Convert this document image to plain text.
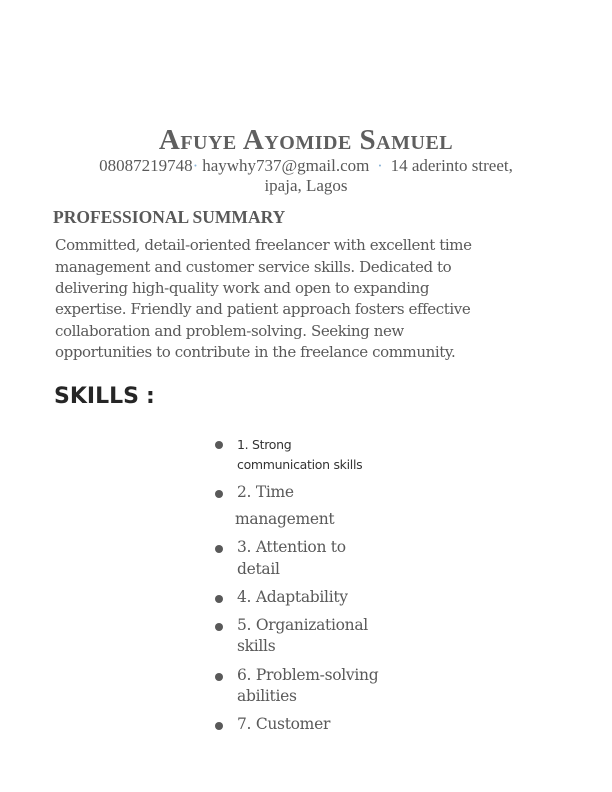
Afuye Ayomide Samuel
08087219748· haywhy737@gmail.com · 14 aderinto street,
ipaja, Lagos
PROFESSIONAL SUMMARY
Committed, detail-oriented freelancer with excellent time
management and customer service skills. Dedicated to
delivering high-quality work and open to expanding
expertise. Friendly and patient approach fosters effective
collaboration and problem-solving. Seeking new
opportunities to contribute in the freelance community.
SKILLS :
1. Strong
communication skills
2. Time
management
3. Attention to
detail
4. Adaptability
5. Organizational
skills
6. Problem-solving
abilities
7. Customer
